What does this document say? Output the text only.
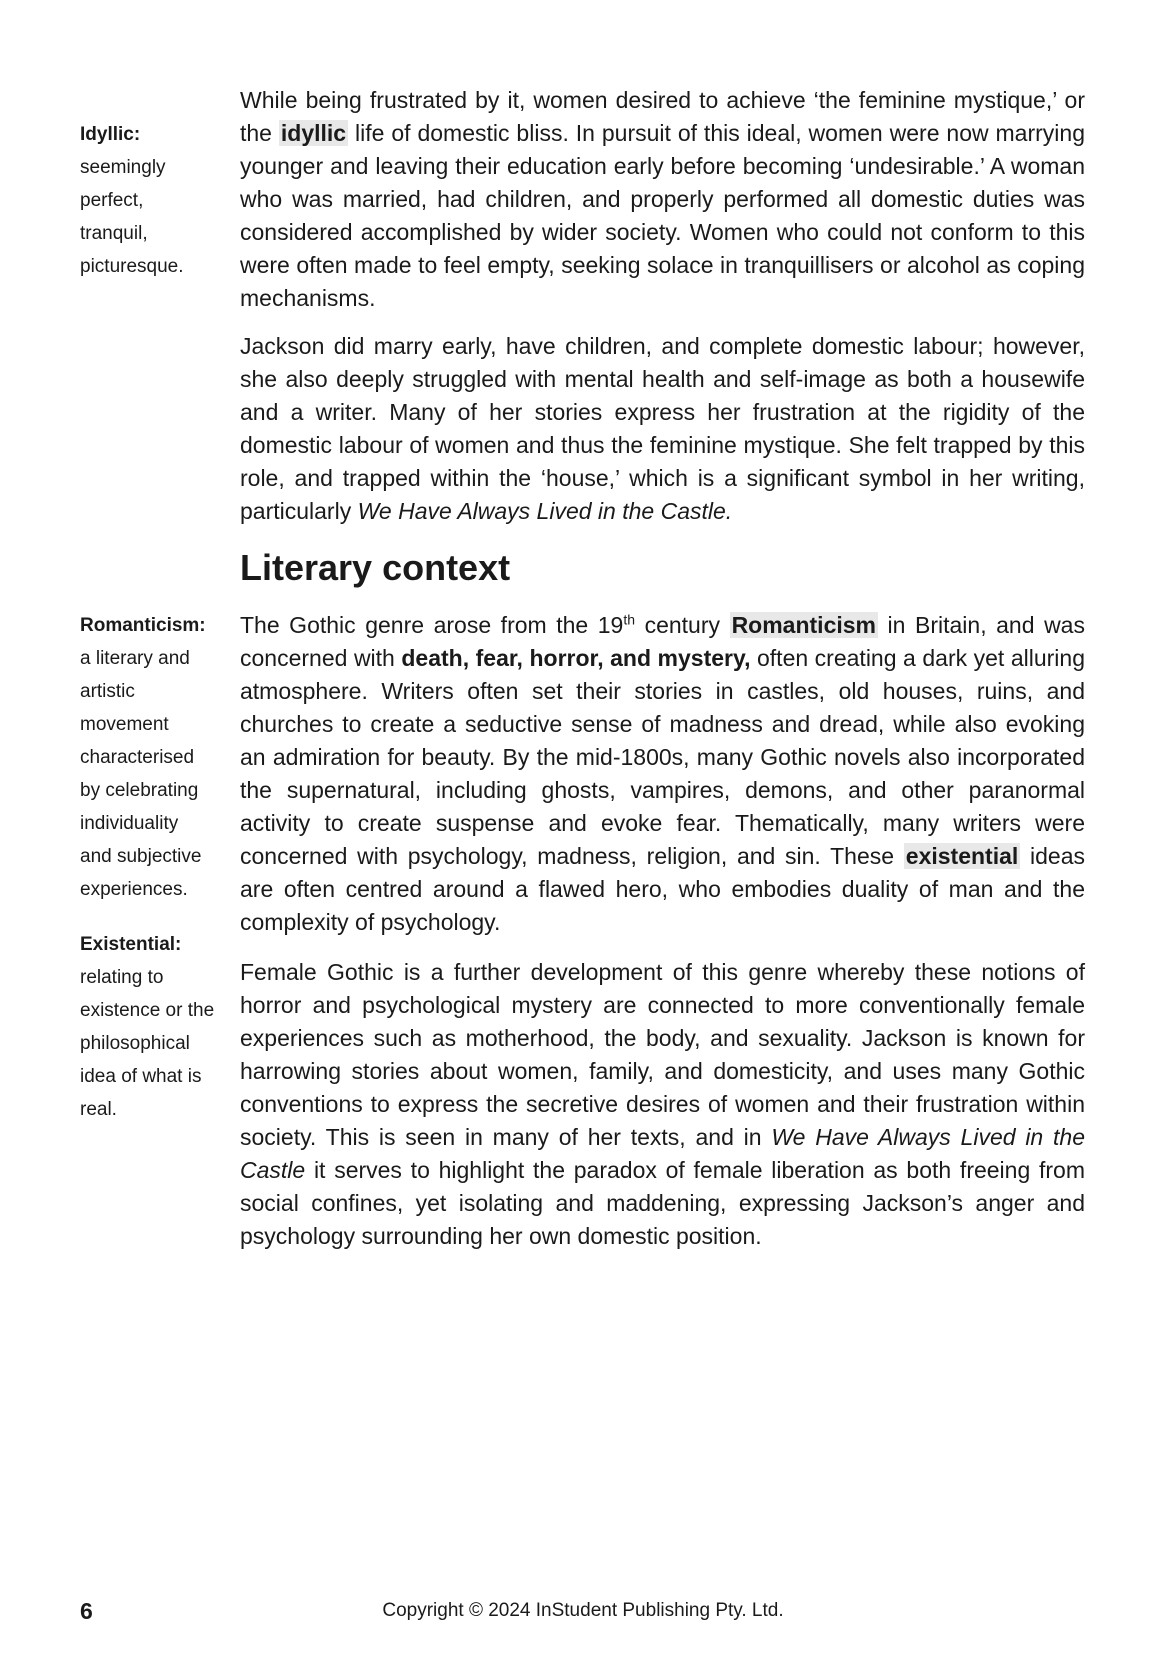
Idyllic:
seemingly
perfect,
tranquil,
picturesque.
Romanticism:
a literary and
artistic
movement
characterised
by celebrating
individuality
and subjective
experiences.
Existential:
relating to
existence or the
philosophical
idea of what is
real.

While being frustrated by it, women desired to achieve ‘the feminine mystique,’ or the idyllic life of domestic bliss. In pursuit of this ideal, women were now marrying younger and leaving their education early before becoming ‘undesirable.’ A woman who was married, had children, and properly performed all domestic duties was considered accomplished by wider society. Women who could not conform to this were often made to feel empty, seeking solace in tranquillisers or alcohol as coping mechanisms.

Jackson did marry early, have children, and complete domestic labour; however, she also deeply struggled with mental health and self-image as both a housewife and a writer. Many of her stories express her frustration at the rigidity of the domestic labour of women and thus the feminine mystique. She felt trapped by this role, and trapped within the ‘house,’ which is a significant symbol in her writing, particularly We Have Always Lived in the Castle.

Literary context

The Gothic genre arose from the 19th century Romanticism in Britain, and was concerned with death, fear, horror, and mystery, often creating a dark yet alluring atmosphere. Writers often set their stories in castles, old houses, ruins, and churches to create a seductive sense of madness and dread, while also evoking an admiration for beauty. By the mid-1800s, many Gothic novels also incorporated the supernatural, including ghosts, vampires, demons, and other paranormal activity to create suspense and evoke fear. Thematically, many writers were concerned with psychology, madness, religion, and sin. These existential ideas are often centred around a flawed hero, who embodies duality of man and the complexity of psychology.

Female Gothic is a further development of this genre whereby these notions of horror and psychological mystery are connected to more conventionally female experiences such as motherhood, the body, and sexuality. Jackson is known for harrowing stories about women, family, and domesticity, and uses many Gothic conventions to express the secretive desires of women and their frustration within society. This is seen in many of her texts, and in We Have Always Lived in the Castle it serves to highlight the paradox of female liberation as both freeing from social confines, yet isolating and maddening, expressing Jackson’s anger and psychology surrounding her own domestic position.

6	Copyright © 2024 InStudent Publishing Pty. Ltd.
